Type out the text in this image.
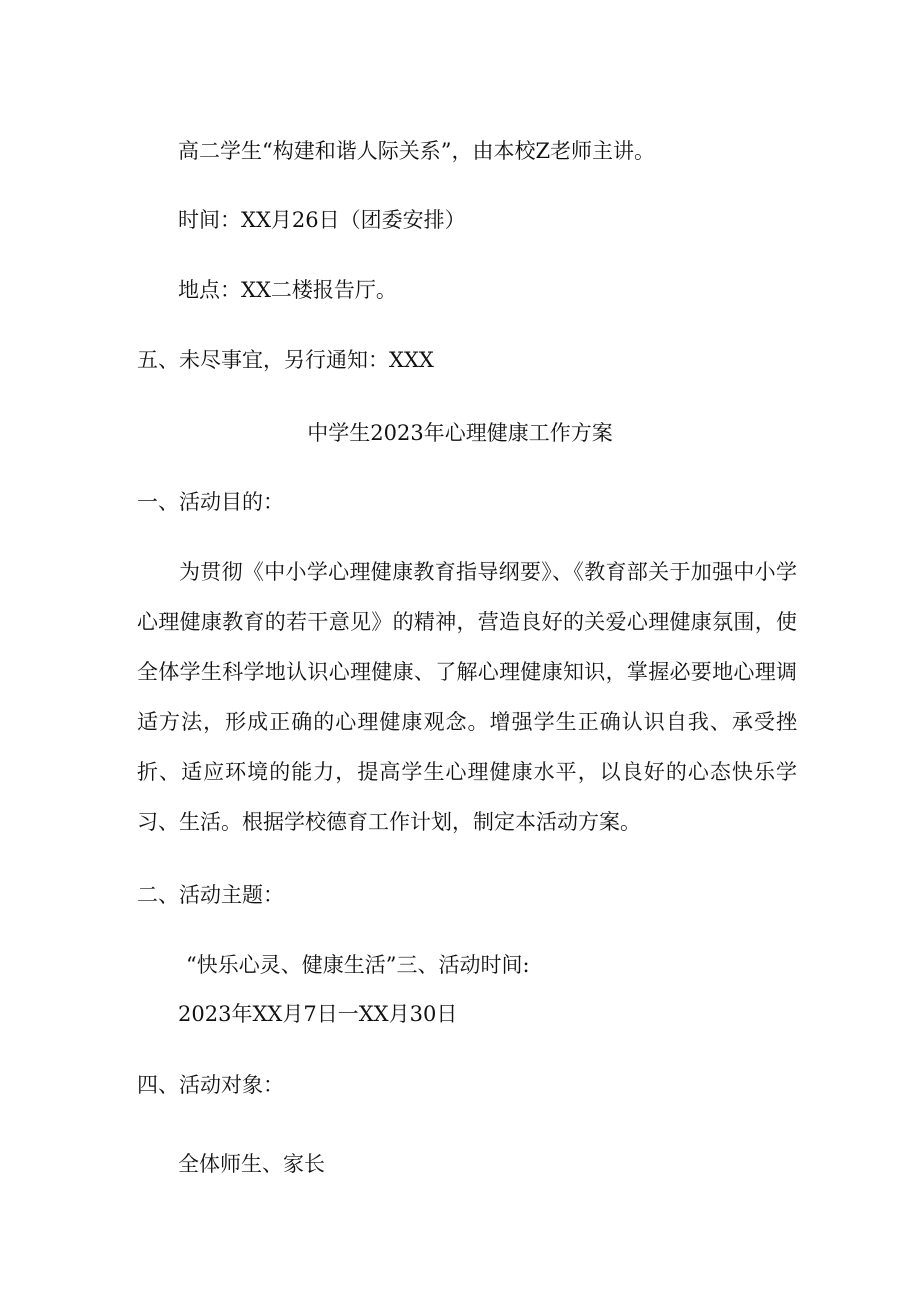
高二学生“构建和谐人际关系”，由本校Z老师主讲。
时间：XX月26日（团委安排）
地点：XX二楼报告厅。
五、未尽事宜，另行通知：XXX
中学生2023年心理健康工作方案
一、活动目的：

为贯彻《中小学心理健康教育指导纲要》、《教育部关于加强中小学心理健康教育的若干意见》的精神，营造良好的关爱心理健康氛围，使全体学生科学地认识心理健康、了解心理健康知识，掌握必要地心理调适方法，形成正确的心理健康观念。增强学生正确认识自我、承受挫折、适应环境的能力，提高学生心理健康水平，以良好的心态快乐学习、生活。根据学校德育工作计划，制定本活动方案。

二、活动主题：
“快乐心灵、健康生活”三、活动时间:
2023年XX月7日一XX月30日
四、活动对象：
全体师生、家长
